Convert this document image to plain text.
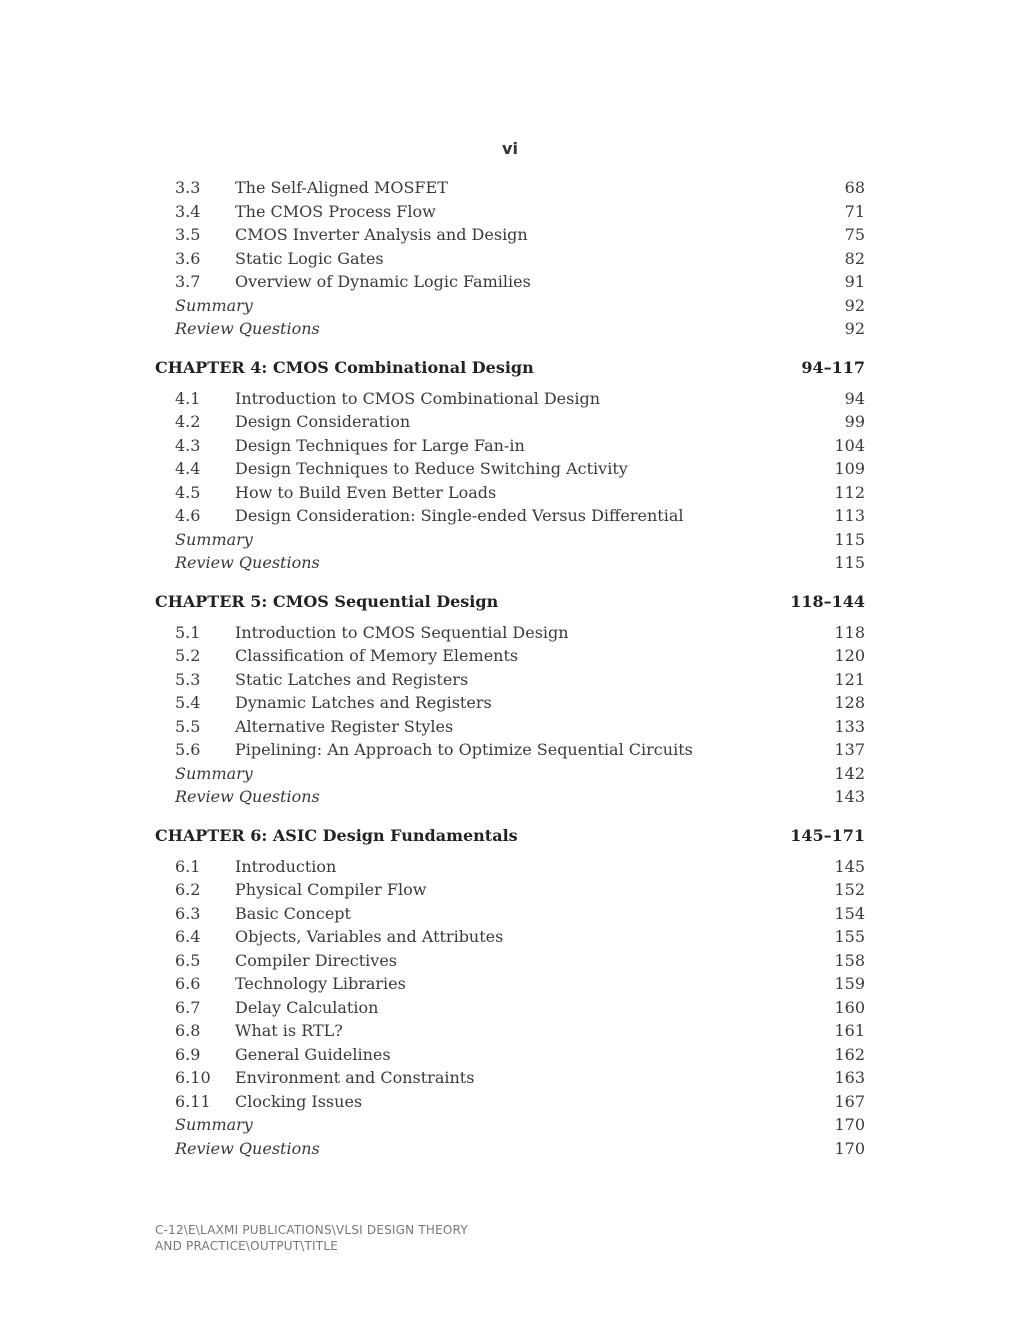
vi
3.3 The Self-Aligned MOSFET	68
3.4 The CMOS Process Flow	71
3.5 CMOS Inverter Analysis and Design	75
3.6 Static Logic Gates	82
3.7 Overview of Dynamic Logic Families	91
Summary	92
Review Questions	92
CHAPTER 4: CMOS Combinational Design	94–117
4.1 Introduction to CMOS Combinational Design	94
4.2 Design Consideration	99
4.3 Design Techniques for Large Fan-in	104
4.4 Design Techniques to Reduce Switching Activity	109
4.5 How to Build Even Better Loads	112
4.6 Design Consideration: Single-ended Versus Differential	113
Summary	115
Review Questions	115
CHAPTER 5: CMOS Sequential Design	118–144
5.1 Introduction to CMOS Sequential Design	118
5.2 Classification of Memory Elements	120
5.3 Static Latches and Registers	121
5.4 Dynamic Latches and Registers	128
5.5 Alternative Register Styles	133
5.6 Pipelining: An Approach to Optimize Sequential Circuits	137
Summary	142
Review Questions	143
CHAPTER 6: ASIC Design Fundamentals	145–171
6.1 Introduction	145
6.2 Physical Compiler Flow	152
6.3 Basic Concept	154
6.4 Objects, Variables and Attributes	155
6.5 Compiler Directives	158
6.6 Technology Libraries	159
6.7 Delay Calculation	160
6.8 What is RTL?	161
6.9 General Guidelines	162
6.10 Environment and Constraints	163
6.11 Clocking Issues	167
Summary	170
Review Questions	170
C-12\E\LAXMI PUBLICATIONS\VLSI DESIGN THEORY
AND PRACTICE\OUTPUT\TITLE
